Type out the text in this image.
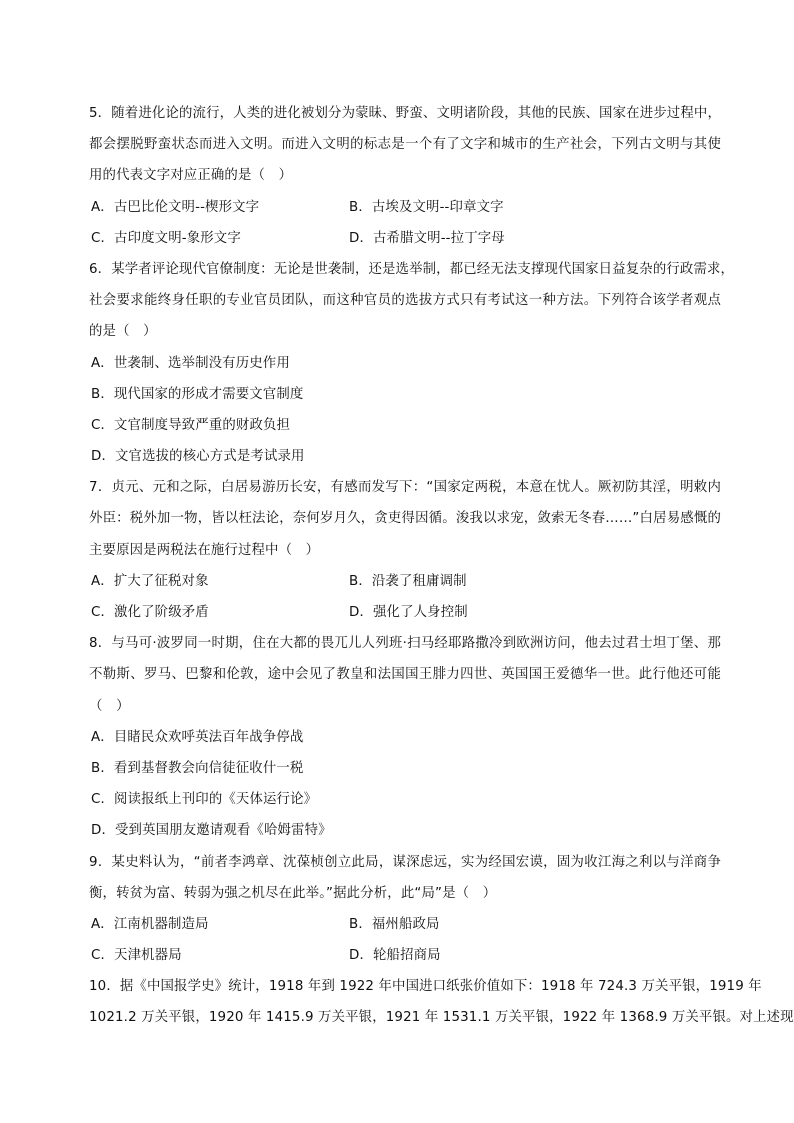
5．随着进化论的流行，人类的进化被划分为蒙昧、野蛮、文明诸阶段，其他的民族、国家在进步过程中，
都会摆脱野蛮状态而进入文明。而进入文明的标志是一个有了文字和城市的生产社会，下列古文明与其使
用的代表文字对应正确的是（　）
A．古巴比伦文明--楔形文字	B．古埃及文明--印章文字
C．古印度文明-象形文字	D．古希腊文明--拉丁字母
6．某学者评论现代官僚制度：无论是世袭制，还是选举制，都已经无法支撑现代国家日益复杂的行政需求，
社会要求能终身任职的专业官员团队，而这种官员的选拔方式只有考试这一种方法。下列符合该学者观点
的是（　）
A．世袭制、选举制没有历史作用
B．现代国家的形成才需要文官制度
C．文官制度导致严重的财政负担
D．文官选拔的核心方式是考试录用
7．贞元、元和之际，白居易游历长安，有感而发写下：“国家定两税，本意在忧人。厥初防其淫，明敕内
外臣：税外加一物，皆以枉法论，奈何岁月久，贪吏得因循。浚我以求宠，敛索无冬春……”白居易感慨的
主要原因是两税法在施行过程中（　）
A．扩大了征税对象	B．沿袭了租庸调制
C．激化了阶级矛盾	D．强化了人身控制
8．与马可·波罗同一时期，住在大都的畏兀儿人列班·扫马经耶路撒冷到欧洲访问，他去过君士坦丁堡、那
不勒斯、罗马、巴黎和伦敦，途中会见了教皇和法国国王腓力四世、英国国王爱德华一世。此行他还可能
（　）
A．目睹民众欢呼英法百年战争停战
B．看到基督教会向信徒征收什一税
C．阅读报纸上刊印的《天体运行论》
D．受到英国朋友邀请观看《哈姆雷特》
9．某史料认为，“前者李鸿章、沈葆桢创立此局，谋深虑远，实为经国宏谟，固为收江海之利以与洋商争
衡，转贫为富、转弱为强之机尽在此举。”据此分析，此“局”是（　）
A．江南机器制造局	B．福州船政局
C．天津机器局	D．轮船招商局
10．据《中国报学史》统计，1918 年到 1922 年中国进口纸张价值如下：1918 年 724.3 万关平银，1919 年
1021.2 万关平银，1920 年 1415.9 万关平银，1921 年 1531.1 万关平银，1922 年 1368.9 万关平银。对上述现
